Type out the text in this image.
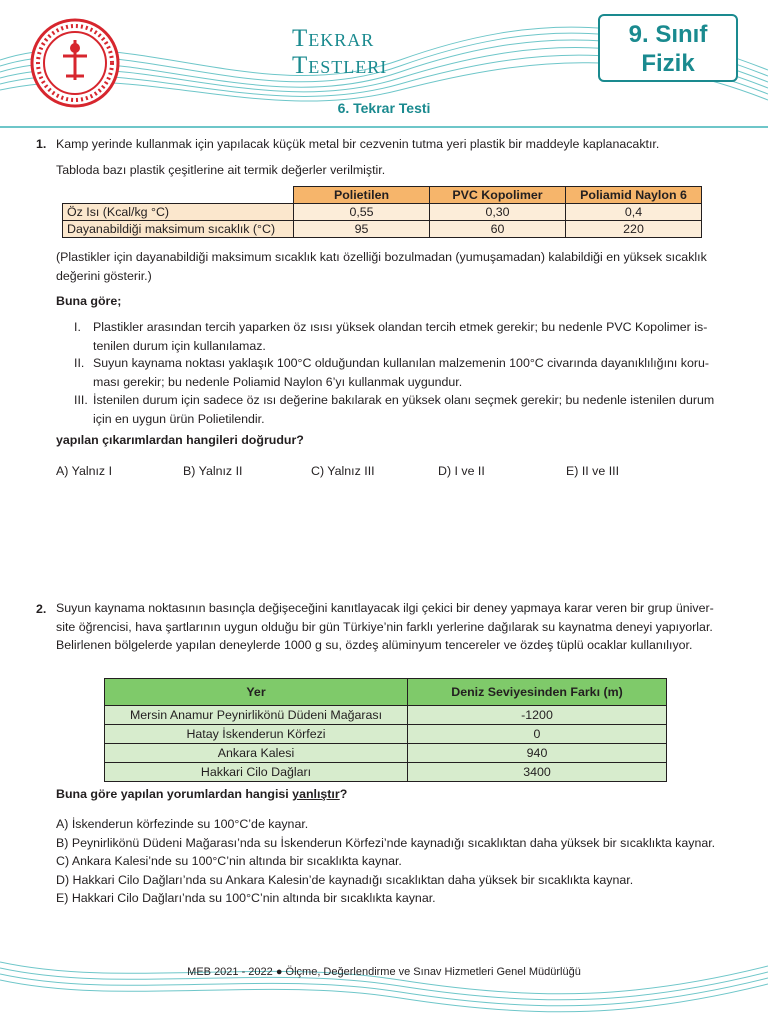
Tekrar
Testleri
9. Sınıf
Fizik
6. Tekrar Testi
1. Kamp yerinde kullanmak için yapılacak küçük metal bir cezvenin tutma yeri plastik bir maddeyle kaplanacaktır.
Tabloda bazı plastik çeşitlerine ait termik değerler verilmiştir.
	Polietilen	PVC Kopolimer	Poliamid Naylon 6
Öz Isı (Kcal/kg °C)	0,55	0,30	0,4
Dayanabildiği maksimum sıcaklık (°C)	95	60	220
(Plastikler için dayanabildiği maksimum sıcaklık katı özelliği bozulmadan (yumuşamadan) kalabildiği en yüksek sıcaklık
değerini gösterir.)
Buna göre;
I. Plastikler arasından tercih yaparken öz ısısı yüksek olandan tercih etmek gerekir; bu nedenle PVC Kopolimer is-
tenilen durum için kullanılamaz.
II. Suyun kaynama noktası yaklaşık 100°C olduğundan kullanılan malzemenin 100°C civarında dayanıklılığını koru-
ması gerekir; bu nedenle Poliamid Naylon 6’yı kullanmak uygundur.
III. İstenilen durum için sadece öz ısı değerine bakılarak en yüksek olanı seçmek gerekir; bu nedenle istenilen durum
için en uygun ürün Polietilendir.
yapılan çıkarımlardan hangileri doğrudur?
A) Yalnız I	B) Yalnız II	C) Yalnız III	D) I ve II	E) II ve III
2. Suyun kaynama noktasının basınçla değişeceğini kanıtlayacak ilgi çekici bir deney yapmaya karar veren bir grup üniver-
site öğrencisi, hava şartlarının uygun olduğu bir gün Türkiye’nin farklı yerlerine dağılarak su kaynatma deneyi yapıyorlar.
Belirlenen bölgelerde yapılan deneylerde 1000 g su, özdeş alüminyum tencereler ve özdeş tüplü ocaklar kullanılıyor.
Yer	Deniz Seviyesinden Farkı (m)
Mersin Anamur Peynirlikönü Düdeni Mağarası	-1200
Hatay İskenderun Körfezi	0
Ankara Kalesi	940
Hakkari Cilo Dağları	3400
Buna göre yapılan yorumlardan hangisi yanlıştır?
A) İskenderun körfezinde su 100°C’de kaynar.
B) Peynirlikönü Düdeni Mağarası’nda su İskenderun Körfezi’nde kaynadığı sıcaklıktan daha yüksek bir sıcaklıkta kaynar.
C) Ankara Kalesi’nde su 100°C’nin altında bir sıcaklıkta kaynar.
D) Hakkari Cilo Dağları’nda su Ankara Kalesin’de kaynadığı sıcaklıktan daha yüksek bir sıcaklıkta kaynar.
E) Hakkari Cilo Dağları’nda su 100°C’nin altında bir sıcaklıkta kaynar.
MEB 2021 - 2022 ● Ölçme, Değerlendirme ve Sınav Hizmetleri Genel Müdürlüğü
